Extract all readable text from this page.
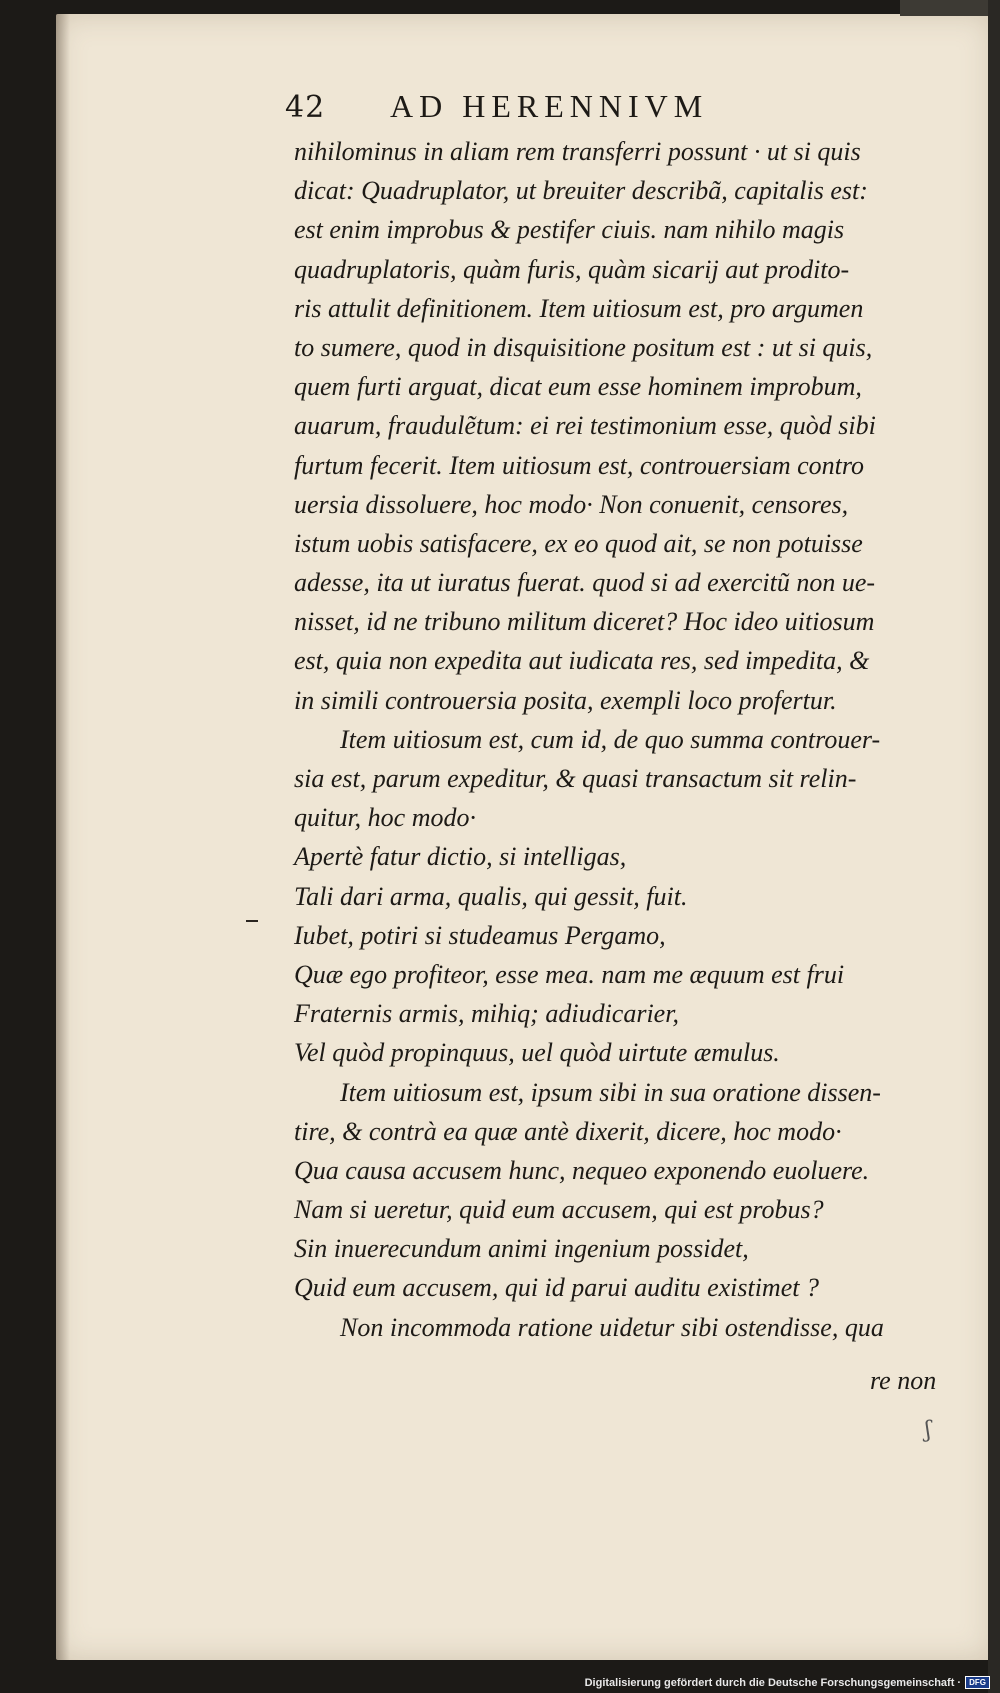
42 AD HERENNIVM
nihilominus in aliam rem transferri possunt · ut si quis
dicat: Quadruplator, ut breuiter describã, capitalis est:
est enim improbus & pestifer ciuis. nam nihilo magis
quadruplatoris, quàm furis, quàm sicarij aut prodito-
ris attulit definitionem. Item uitiosum est, pro argumen
to sumere, quod in disquisitione positum est : ut si quis,
quem furti arguat, dicat eum esse hominem improbum,
auarum, fraudulẽtum: ei rei testimonium esse, quòd sibi
furtum fecerit. Item uitiosum est, controuersiam contro
uersia dissoluere, hoc modo· Non conuenit, censores,
istum uobis satisfacere, ex eo quod ait, se non potuisse
adesse, ita ut iuratus fuerat. quod si ad exercitũ non ue-
nisset, id ne tribuno militum diceret? Hoc ideo uitiosum
est, quia non expedita aut iudicata res, sed impedita, &
in simili controuersia posita, exempli loco profertur.
Item uitiosum est, cum id, de quo summa controuer-
sia est, parum expeditur, & quasi transactum sit relin-
quitur, hoc modo·
Apertè fatur dictio, si intelligas,
Tali dari arma, qualis, qui gessit, fuit.
Iubet, potiri si studeamus Pergamo,
Quæ ego profiteor, esse mea. nam me æquum est frui
Fraternis armis, mihiq; adiudicarier,
Vel quòd propinquus, uel quòd uirtute æmulus.
Item uitiosum est, ipsum sibi in sua oratione dissen-
tire, & contrà ea quæ antè dixerit, dicere, hoc modo·
Qua causa accusem hunc, nequeo exponendo euoluere.
Nam si ueretur, quid eum accusem, qui est probus?
Sin inuerecundum animi ingenium possidet,
Quid eum accusem, qui id parui auditu existimet ?
Non incommoda ratione uidetur sibi ostendisse, qua
re non
ʃ
Digitalisierung gefördert durch die Deutsche Forschungsgemeinschaft ·	DFG
